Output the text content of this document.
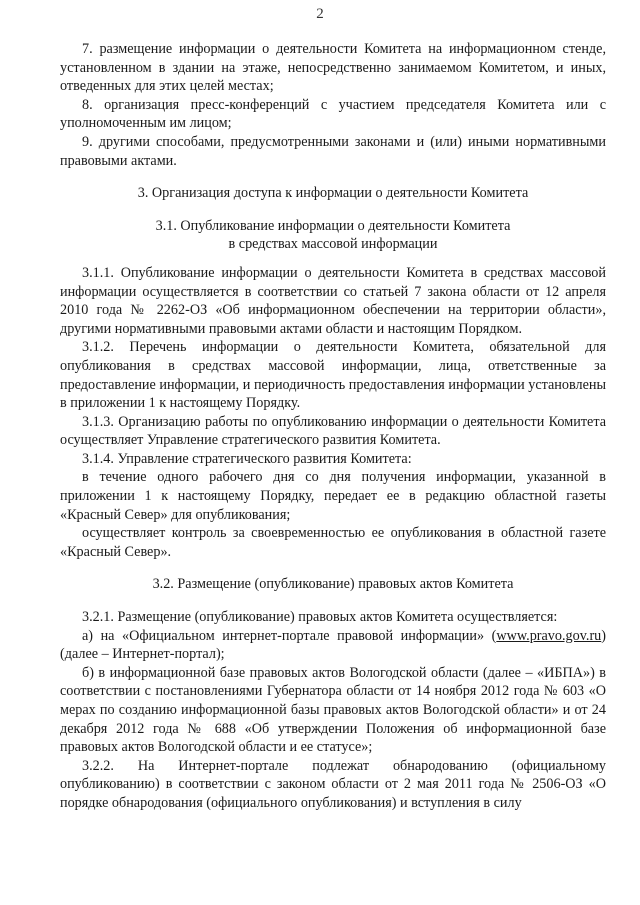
2

7. размещение информации о деятельности Комитета на информационном стенде, установленном в здании на этаже, непосредственно занимаемом Комитетом, и иных, отведенных для этих целей местах;

8. организация пресс-конференций с участием председателя Комитета или с уполномоченным им лицом;

9. другими способами, предусмотренными законами и (или) иными нормативными правовыми актами.

3. Организация доступа к информации о деятельности Комитета

3.1. Опубликование информации о деятельности Комитета

в средствах массовой информации

3.1.1. Опубликование информации о деятельности Комитета в средствах массовой информации осуществляется в соответствии со статьей 7 закона области от 12 апреля 2010 года № 2262-ОЗ «Об информационном обеспечении на территории области», другими нормативными правовыми актами области и настоящим Порядком.

3.1.2. Перечень информации о деятельности Комитета, обязательной для опубликования в средствах массовой информации, лица, ответственные за предоставление информации, и периодичность предоставления информации установлены в приложении 1 к настоящему Порядку.

3.1.3. Организацию работы по опубликованию информации о деятельности Комитета осуществляет Управление стратегического развития Комитета.

3.1.4. Управление стратегического развития Комитета:

в течение одного рабочего дня со дня получения информации, указанной в приложении 1 к настоящему Порядку, передает ее в редакцию областной газеты «Красный Север» для опубликования;

осуществляет контроль за своевременностью ее опубликования в областной газете «Красный Север».

3.2. Размещение (опубликование) правовых актов Комитета

3.2.1. Размещение (опубликование) правовых актов Комитета осуществляется:

а) на «Официальном интернет-портале правовой информации» (www.pravo.gov.ru) (далее – Интернет-портал);

б) в информационной базе правовых актов Вологодской области (далее – «ИБПА») в соответствии с постановлениями Губернатора области от 14 ноября 2012 года № 603 «О мерах по созданию информационной базы правовых актов Вологодской области» и от 24 декабря 2012 года № 688 «Об утверждении Положения об информационной базе правовых актов Вологодской области и ее статусе»;

3.2.2. На Интернет-портале подлежат обнародованию (официальному опубликованию) в соответствии с законом области от 2 мая 2011 года № 2506-ОЗ «О порядке обнародования (официального опубликования) и вступления в силу
